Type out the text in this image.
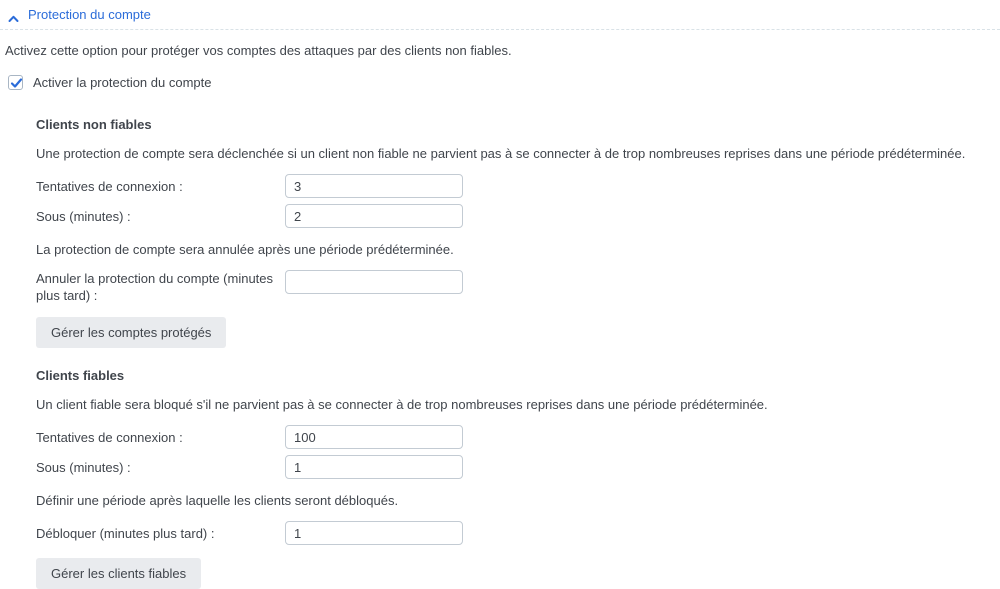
Protection du compte
Activez cette option pour protéger vos comptes des attaques par des clients non fiables.
Activer la protection du compte
Clients non fiables
Une protection de compte sera déclenchée si un client non fiable ne parvient pas à se connecter à de trop nombreuses reprises dans une période prédéterminée.
Tentatives de connexion :
3
Sous (minutes) :
2
La protection de compte sera annulée après une période prédéterminée.
Annuler la protection du compte (minutes plus tard) :
Gérer les comptes protégés
Clients fiables
Un client fiable sera bloqué s'il ne parvient pas à se connecter à de trop nombreuses reprises dans une période prédéterminée.
Tentatives de connexion :
100
Sous (minutes) :
1
Définir une période après laquelle les clients seront débloqués.
Débloquer (minutes plus tard) :
1
Gérer les clients fiables
